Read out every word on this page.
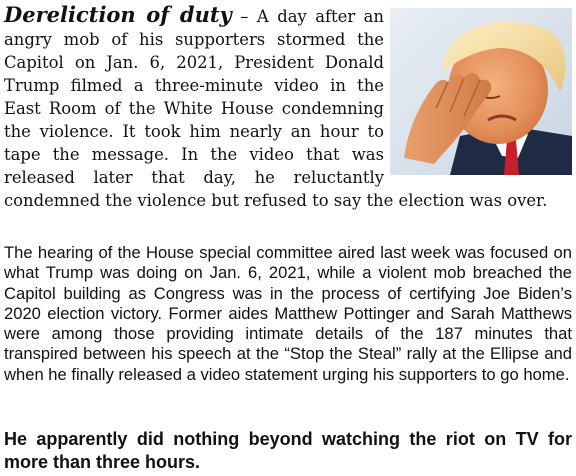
Dereliction of duty – A day after an angry mob of his supporters stormed the Capitol on Jan. 6, 2021, President Donald Trump filmed a three-minute video in the East Room of the White House condemning the violence. It took him nearly an hour to tape the message. In the video that was released later that day, he reluctantly condemned the violence but refused to say the election was over.

The hearing of the House special committee aired last week was focused on what Trump was doing on Jan. 6, 2021, while a violent mob breached the Capitol building as Congress was in the process of certifying Joe Biden’s 2020 election victory. Former aides Matthew Pottinger and Sarah Matthews were among those providing intimate details of the 187 minutes that transpired between his speech at the “Stop the Steal” rally at the Ellipse and when he finally released a video statement urging his supporters to go home.

He apparently did nothing beyond watching the riot on TV for more than three hours.
